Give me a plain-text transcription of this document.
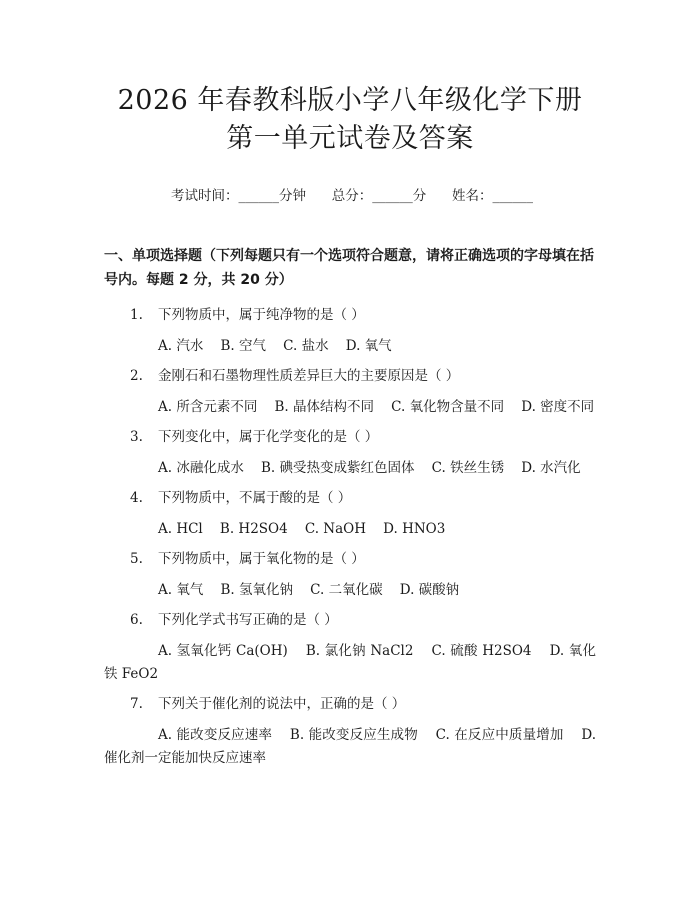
2026 年春教科版小学八年级化学下册第一单元试卷及答案
考试时间：______分钟 总分：______分 姓名：______
一、单项选择题（下列每题只有一个选项符合题意，请将正确选项的字母填在括号内。每题 2 分，共 20 分）
1. 下列物质中，属于纯净物的是（ ）
A. 汽水    B. 空气    C. 盐水    D. 氧气
2. 金刚石和石墨物理性质差异巨大的主要原因是（ ）
A. 所含元素不同    B. 晶体结构不同    C. 氧化物含量不同    D. 密度不同
3. 下列变化中，属于化学变化的是（ ）
A. 冰融化成水    B. 碘受热变成紫红色固体    C. 铁丝生锈    D. 水汽化
4. 下列物质中，不属于酸的是（ ）
A. HCl    B. H2SO4    C. NaOH    D. HNO3
5. 下列物质中，属于氧化物的是（ ）
A. 氧气    B. 氢氧化钠    C. 二氧化碳    D. 碳酸钠
6. 下列化学式书写正确的是（ ）
A. 氢氧化钙 Ca(OH)    B. 氯化钠 NaCl2    C. 硫酸 H2SO4    D. 氧化铁 FeO2
7. 下列关于催化剂的说法中，正确的是（ ）
A. 能改变反应速率    B. 能改变反应生成物    C. 在反应中质量增加    D. 催化剂一定能加快反应速率
